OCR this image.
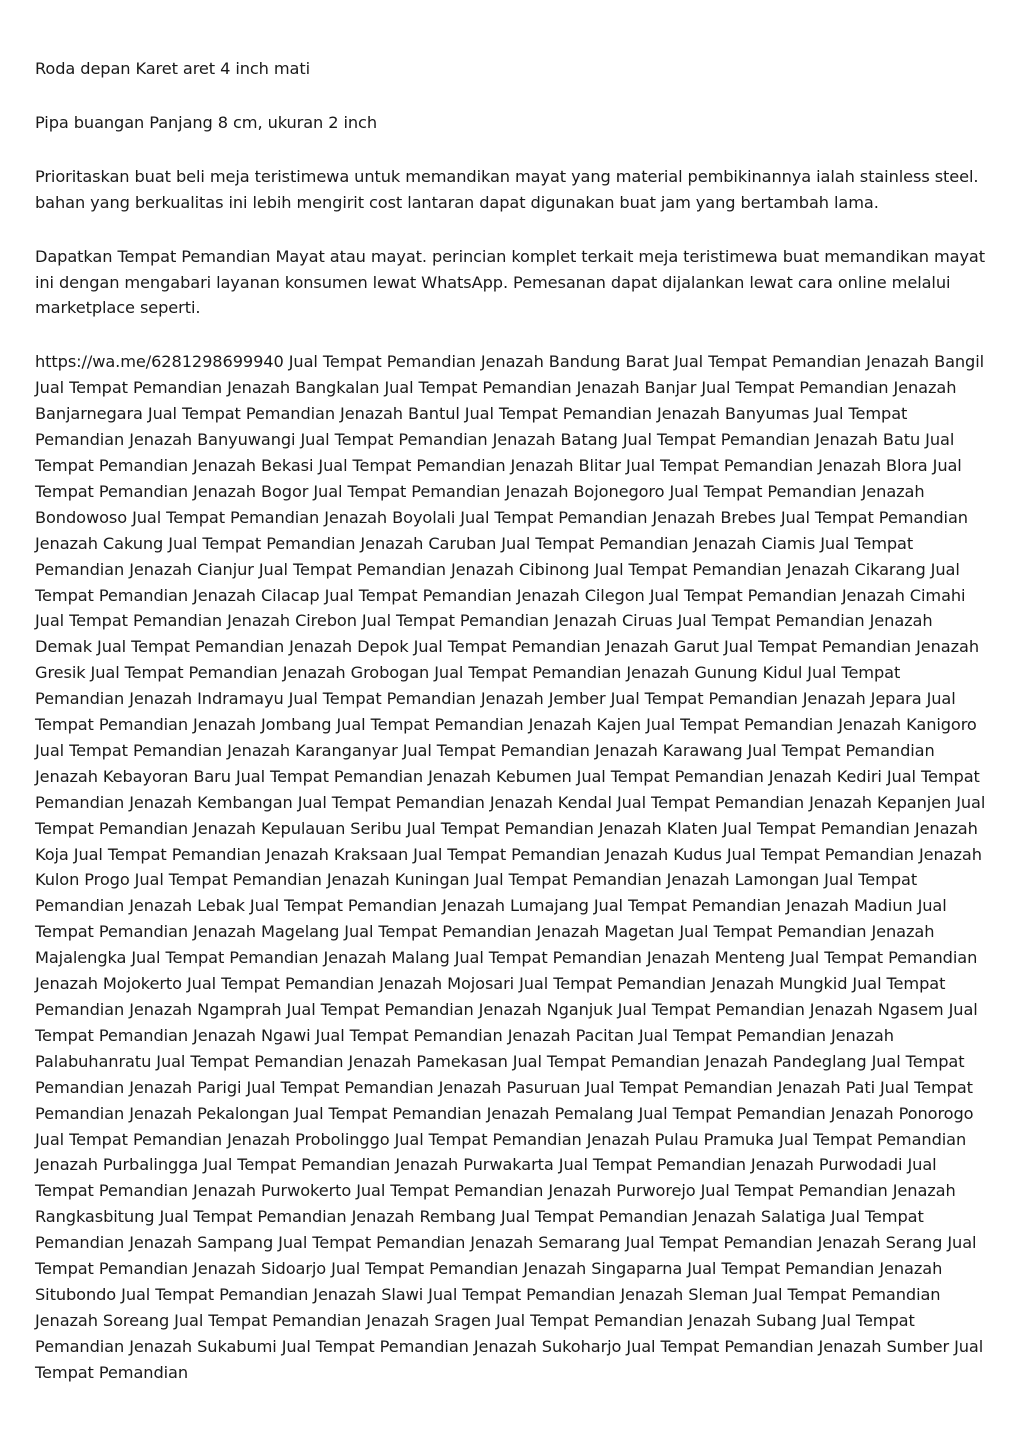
Roda depan Karet aret 4 inch mati

Pipa buangan Panjang 8 cm, ukuran 2 inch

Prioritaskan buat beli meja teristimewa untuk memandikan mayat yang material pembikinannya ialah stainless steel. bahan yang berkualitas ini lebih mengirit cost lantaran dapat digunakan buat jam yang bertambah lama.

Dapatkan Tempat Pemandian Mayat atau mayat. perincian komplet terkait meja teristimewa buat memandikan mayat ini dengan mengabari layanan konsumen lewat WhatsApp. Pemesanan dapat dijalankan lewat cara online melalui marketplace seperti.

https://wa.me/6281298699940 Jual Tempat Pemandian Jenazah Bandung Barat Jual Tempat Pemandian Jenazah Bangil Jual Tempat Pemandian Jenazah Bangkalan Jual Tempat Pemandian Jenazah Banjar Jual Tempat Pemandian Jenazah Banjarnegara Jual Tempat Pemandian Jenazah Bantul Jual Tempat Pemandian Jenazah Banyumas Jual Tempat Pemandian Jenazah Banyuwangi Jual Tempat Pemandian Jenazah Batang Jual Tempat Pemandian Jenazah Batu Jual Tempat Pemandian Jenazah Bekasi Jual Tempat Pemandian Jenazah Blitar Jual Tempat Pemandian Jenazah Blora Jual Tempat Pemandian Jenazah Bogor Jual Tempat Pemandian Jenazah Bojonegoro Jual Tempat Pemandian Jenazah Bondowoso Jual Tempat Pemandian Jenazah Boyolali Jual Tempat Pemandian Jenazah Brebes Jual Tempat Pemandian Jenazah Cakung Jual Tempat Pemandian Jenazah Caruban Jual Tempat Pemandian Jenazah Ciamis Jual Tempat Pemandian Jenazah Cianjur Jual Tempat Pemandian Jenazah Cibinong Jual Tempat Pemandian Jenazah Cikarang Jual Tempat Pemandian Jenazah Cilacap Jual Tempat Pemandian Jenazah Cilegon Jual Tempat Pemandian Jenazah Cimahi Jual Tempat Pemandian Jenazah Cirebon Jual Tempat Pemandian Jenazah Ciruas Jual Tempat Pemandian Jenazah Demak Jual Tempat Pemandian Jenazah Depok Jual Tempat Pemandian Jenazah Garut Jual Tempat Pemandian Jenazah Gresik Jual Tempat Pemandian Jenazah Grobogan Jual Tempat Pemandian Jenazah Gunung Kidul Jual Tempat Pemandian Jenazah Indramayu Jual Tempat Pemandian Jenazah Jember Jual Tempat Pemandian Jenazah Jepara Jual Tempat Pemandian Jenazah Jombang Jual Tempat Pemandian Jenazah Kajen Jual Tempat Pemandian Jenazah Kanigoro Jual Tempat Pemandian Jenazah Karanganyar Jual Tempat Pemandian Jenazah Karawang Jual Tempat Pemandian Jenazah Kebayoran Baru Jual Tempat Pemandian Jenazah Kebumen Jual Tempat Pemandian Jenazah Kediri Jual Tempat Pemandian Jenazah Kembangan Jual Tempat Pemandian Jenazah Kendal Jual Tempat Pemandian Jenazah Kepanjen Jual Tempat Pemandian Jenazah Kepulauan Seribu Jual Tempat Pemandian Jenazah Klaten Jual Tempat Pemandian Jenazah Koja Jual Tempat Pemandian Jenazah Kraksaan Jual Tempat Pemandian Jenazah Kudus Jual Tempat Pemandian Jenazah Kulon Progo Jual Tempat Pemandian Jenazah Kuningan Jual Tempat Pemandian Jenazah Lamongan Jual Tempat Pemandian Jenazah Lebak Jual Tempat Pemandian Jenazah Lumajang Jual Tempat Pemandian Jenazah Madiun Jual Tempat Pemandian Jenazah Magelang Jual Tempat Pemandian Jenazah Magetan Jual Tempat Pemandian Jenazah Majalengka Jual Tempat Pemandian Jenazah Malang Jual Tempat Pemandian Jenazah Menteng Jual Tempat Pemandian Jenazah Mojokerto Jual Tempat Pemandian Jenazah Mojosari Jual Tempat Pemandian Jenazah Mungkid Jual Tempat Pemandian Jenazah Ngamprah Jual Tempat Pemandian Jenazah Nganjuk Jual Tempat Pemandian Jenazah Ngasem Jual Tempat Pemandian Jenazah Ngawi Jual Tempat Pemandian Jenazah Pacitan Jual Tempat Pemandian Jenazah Palabuhanratu Jual Tempat Pemandian Jenazah Pamekasan Jual Tempat Pemandian Jenazah Pandeglang Jual Tempat Pemandian Jenazah Parigi Jual Tempat Pemandian Jenazah Pasuruan Jual Tempat Pemandian Jenazah Pati Jual Tempat Pemandian Jenazah Pekalongan Jual Tempat Pemandian Jenazah Pemalang Jual Tempat Pemandian Jenazah Ponorogo Jual Tempat Pemandian Jenazah Probolinggo Jual Tempat Pemandian Jenazah Pulau Pramuka Jual Tempat Pemandian Jenazah Purbalingga Jual Tempat Pemandian Jenazah Purwakarta Jual Tempat Pemandian Jenazah Purwodadi Jual Tempat Pemandian Jenazah Purwokerto Jual Tempat Pemandian Jenazah Purworejo Jual Tempat Pemandian Jenazah Rangkasbitung Jual Tempat Pemandian Jenazah Rembang Jual Tempat Pemandian Jenazah Salatiga Jual Tempat Pemandian Jenazah Sampang Jual Tempat Pemandian Jenazah Semarang Jual Tempat Pemandian Jenazah Serang Jual Tempat Pemandian Jenazah Sidoarjo Jual Tempat Pemandian Jenazah Singaparna Jual Tempat Pemandian Jenazah Situbondo Jual Tempat Pemandian Jenazah Slawi Jual Tempat Pemandian Jenazah Sleman Jual Tempat Pemandian Jenazah Soreang Jual Tempat Pemandian Jenazah Sragen Jual Tempat Pemandian Jenazah Subang Jual Tempat Pemandian Jenazah Sukabumi Jual Tempat Pemandian Jenazah Sukoharjo Jual Tempat Pemandian Jenazah Sumber Jual Tempat Pemandian
